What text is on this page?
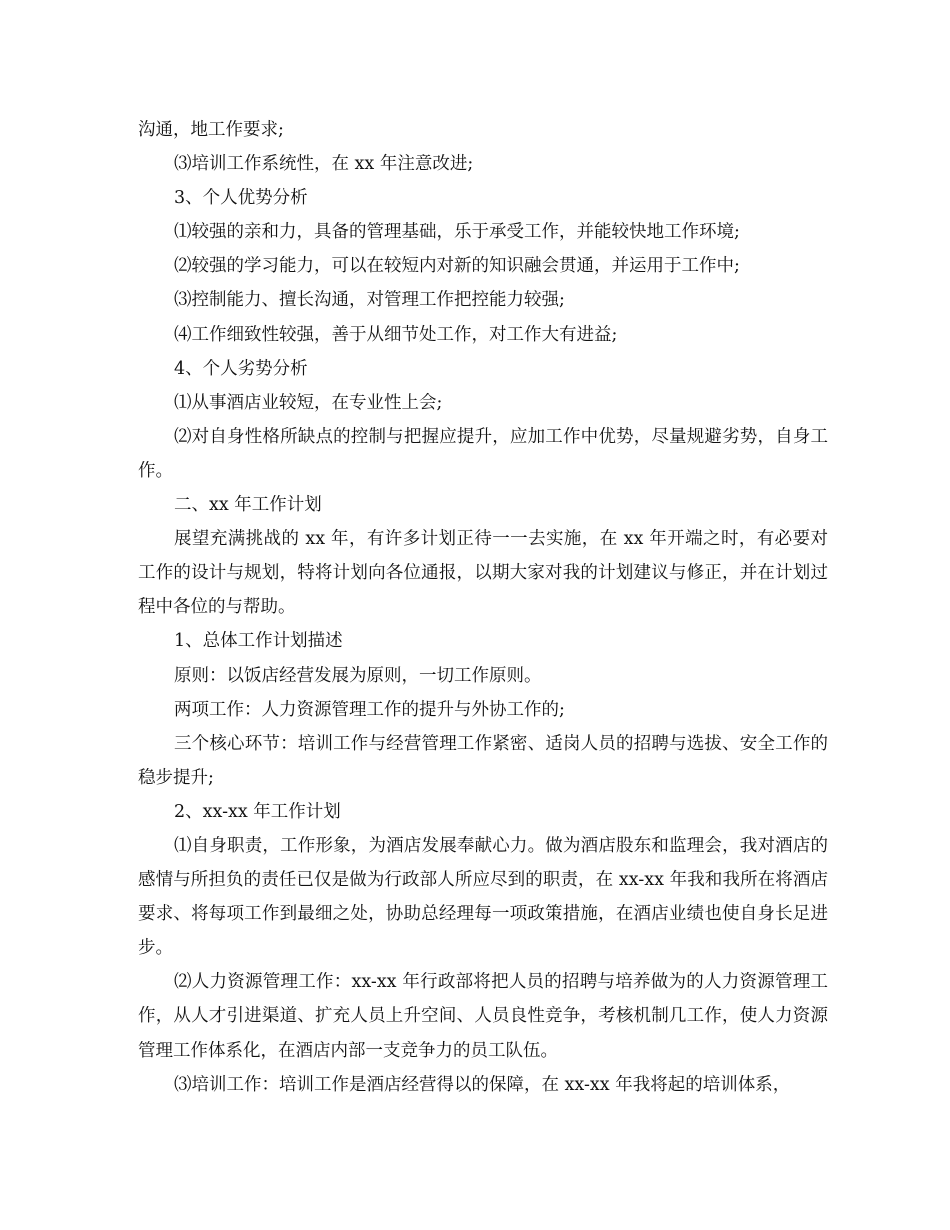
沟通，地工作要求;

⑶培训工作系统性，在 xx 年注意改进;

3、个人优势分析

⑴较强的亲和力，具备的管理基础，乐于承受工作，并能较快地工作环境;

⑵较强的学习能力，可以在较短内对新的知识融会贯通，并运用于工作中;

⑶控制能力、擅长沟通，对管理工作把控能力较强;

⑷工作细致性较强，善于从细节处工作，对工作大有进益;

4、个人劣势分析

⑴从事酒店业较短，在专业性上会;

⑵对自身性格所缺点的控制与把握应提升，应加工作中优势，尽量规避劣势，自身工作。

二、xx 年工作计划

展望充满挑战的 xx 年，有许多计划正待一一去实施，在 xx 年开端之时，有必要对工作的设计与规划，特将计划向各位通报，以期大家对我的计划建议与修正，并在计划过程中各位的与帮助。

1、总体工作计划描述

原则：以饭店经营发展为原则，一切工作原则。

两项工作：人力资源管理工作的提升与外协工作的;

三个核心环节：培训工作与经营管理工作紧密、适岗人员的招聘与选拔、安全工作的稳步提升;

2、xx-xx 年工作计划

⑴自身职责，工作形象，为酒店发展奉献心力。做为酒店股东和监理会，我对酒店的感情与所担负的责任已仅是做为行政部人所应尽到的职责，在 xx-xx 年我和我所在将酒店要求、将每项工作到最细之处，协助总经理每一项政策措施，在酒店业绩也使自身长足进步。

⑵人力资源管理工作：xx-xx 年行政部将把人员的招聘与培养做为的人力资源管理工作，从人才引进渠道、扩充人员上升空间、人员良性竞争，考核机制几工作，使人力资源管理工作体系化，在酒店内部一支竞争力的员工队伍。

⑶培训工作：培训工作是酒店经营得以的保障，在 xx-xx 年我将起的培训体系，
